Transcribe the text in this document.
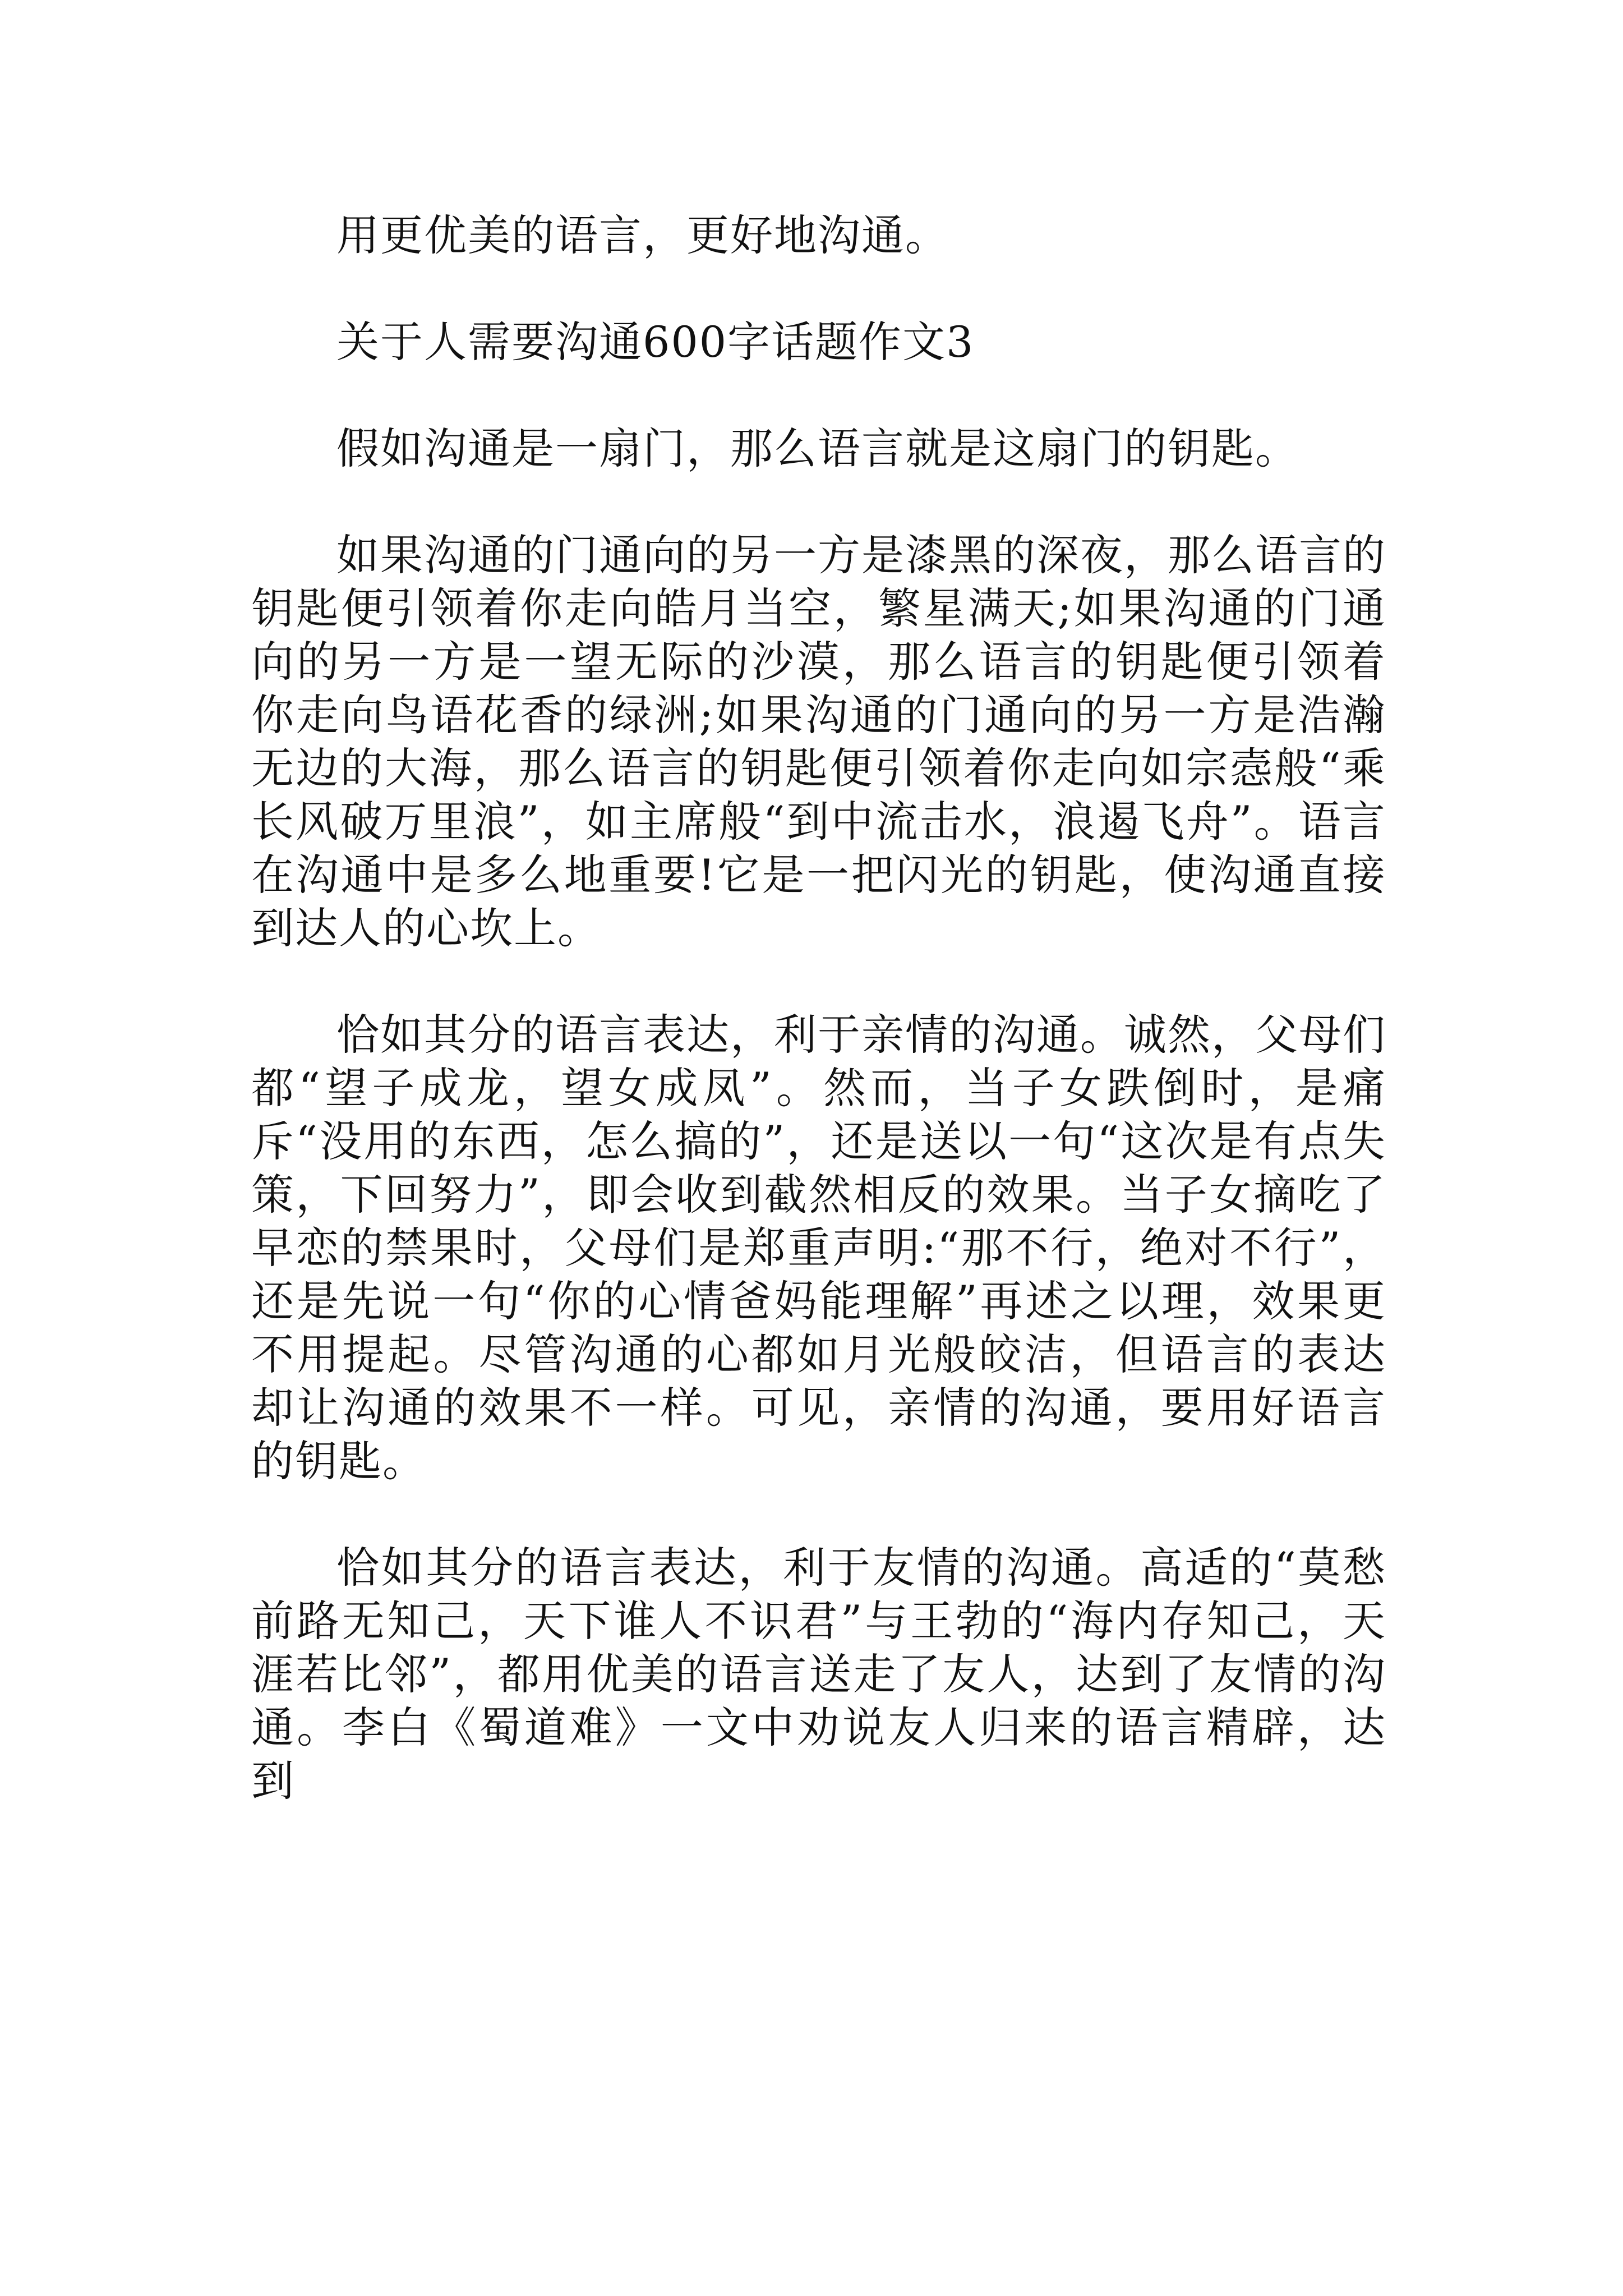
用更优美的语言，更好地沟通。

关于人需要沟通600字话题作文3

假如沟通是一扇门，那么语言就是这扇门的钥匙。

如果沟通的门通向的另一方是漆黑的深夜，那么语言的钥匙便引领着你走向皓月当空，繁星满天;如果沟通的门通向的另一方是一望无际的沙漠，那么语言的钥匙便引领着你走向鸟语花香的绿洲;如果沟通的门通向的另一方是浩瀚无边的大海，那么语言的钥匙便引领着你走向如宗悫般“乘长风破万里浪”，如主席般“到中流击水，浪遏飞舟”。语言在沟通中是多么地重要!它是一把闪光的钥匙，使沟通直接到达人的心坎上。

恰如其分的语言表达，利于亲情的沟通。诚然，父母们都“望子成龙，望女成凤”。然而，当子女跌倒时，是痛斥“没用的东西，怎么搞的”，还是送以一句“这次是有点失策，下回努力”，即会收到截然相反的效果。当子女摘吃了早恋的禁果时，父母们是郑重声明:“那不行，绝对不行”，还是先说一句“你的心情爸妈能理解”再述之以理，效果更不用提起。尽管沟通的心都如月光般皎洁，但语言的表达却让沟通的效果不一样。可见，亲情的沟通，要用好语言的钥匙。

恰如其分的语言表达，利于友情的沟通。高适的“莫愁前路无知己，天下谁人不识君”与王勃的“海内存知己，天涯若比邻”，都用优美的语言送走了友人，达到了友情的沟通。李白《蜀道难》一文中劝说友人归来的语言精辟，达到
